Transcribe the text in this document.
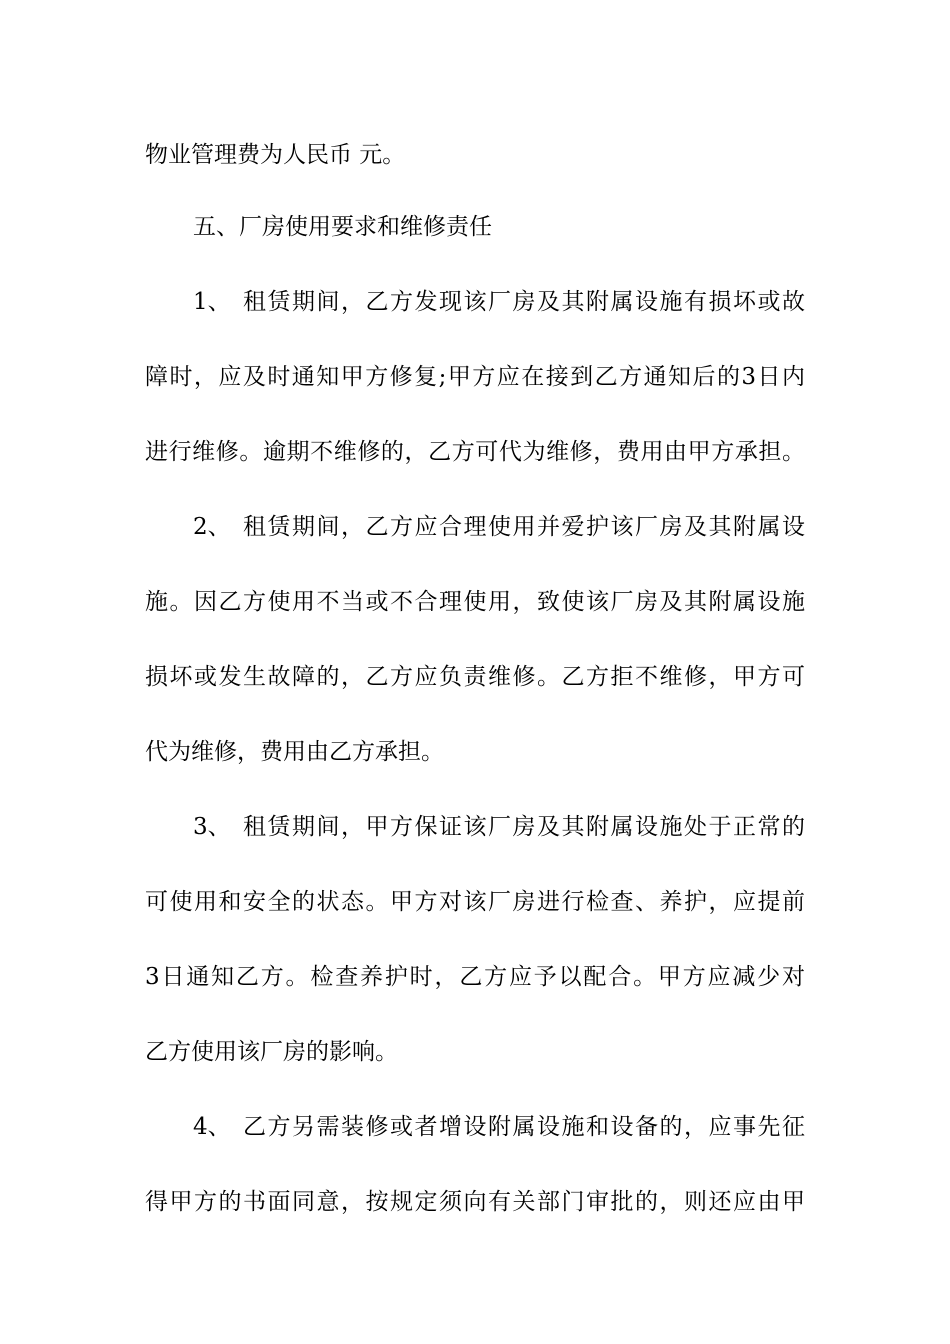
物业管理费为人民币 元。
五、厂房使用要求和维修责任
1、 租赁期间，乙方发现该厂房及其附属设施有损坏或故
障时，应及时通知甲方修复;甲方应在接到乙方通知后的3日内
进行维修。逾期不维修的，乙方可代为维修，费用由甲方承担。
2、 租赁期间，乙方应合理使用并爱护该厂房及其附属设
施。因乙方使用不当或不合理使用，致使该厂房及其附属设施
损坏或发生故障的，乙方应负责维修。乙方拒不维修，甲方可
代为维修，费用由乙方承担。
3、 租赁期间，甲方保证该厂房及其附属设施处于正常的
可使用和安全的状态。甲方对该厂房进行检查、养护，应提前
3日通知乙方。检查养护时，乙方应予以配合。甲方应减少对
乙方使用该厂房的影响。
4、 乙方另需装修或者增设附属设施和设备的，应事先征
得甲方的书面同意，按规定须向有关部门审批的，则还应由甲
